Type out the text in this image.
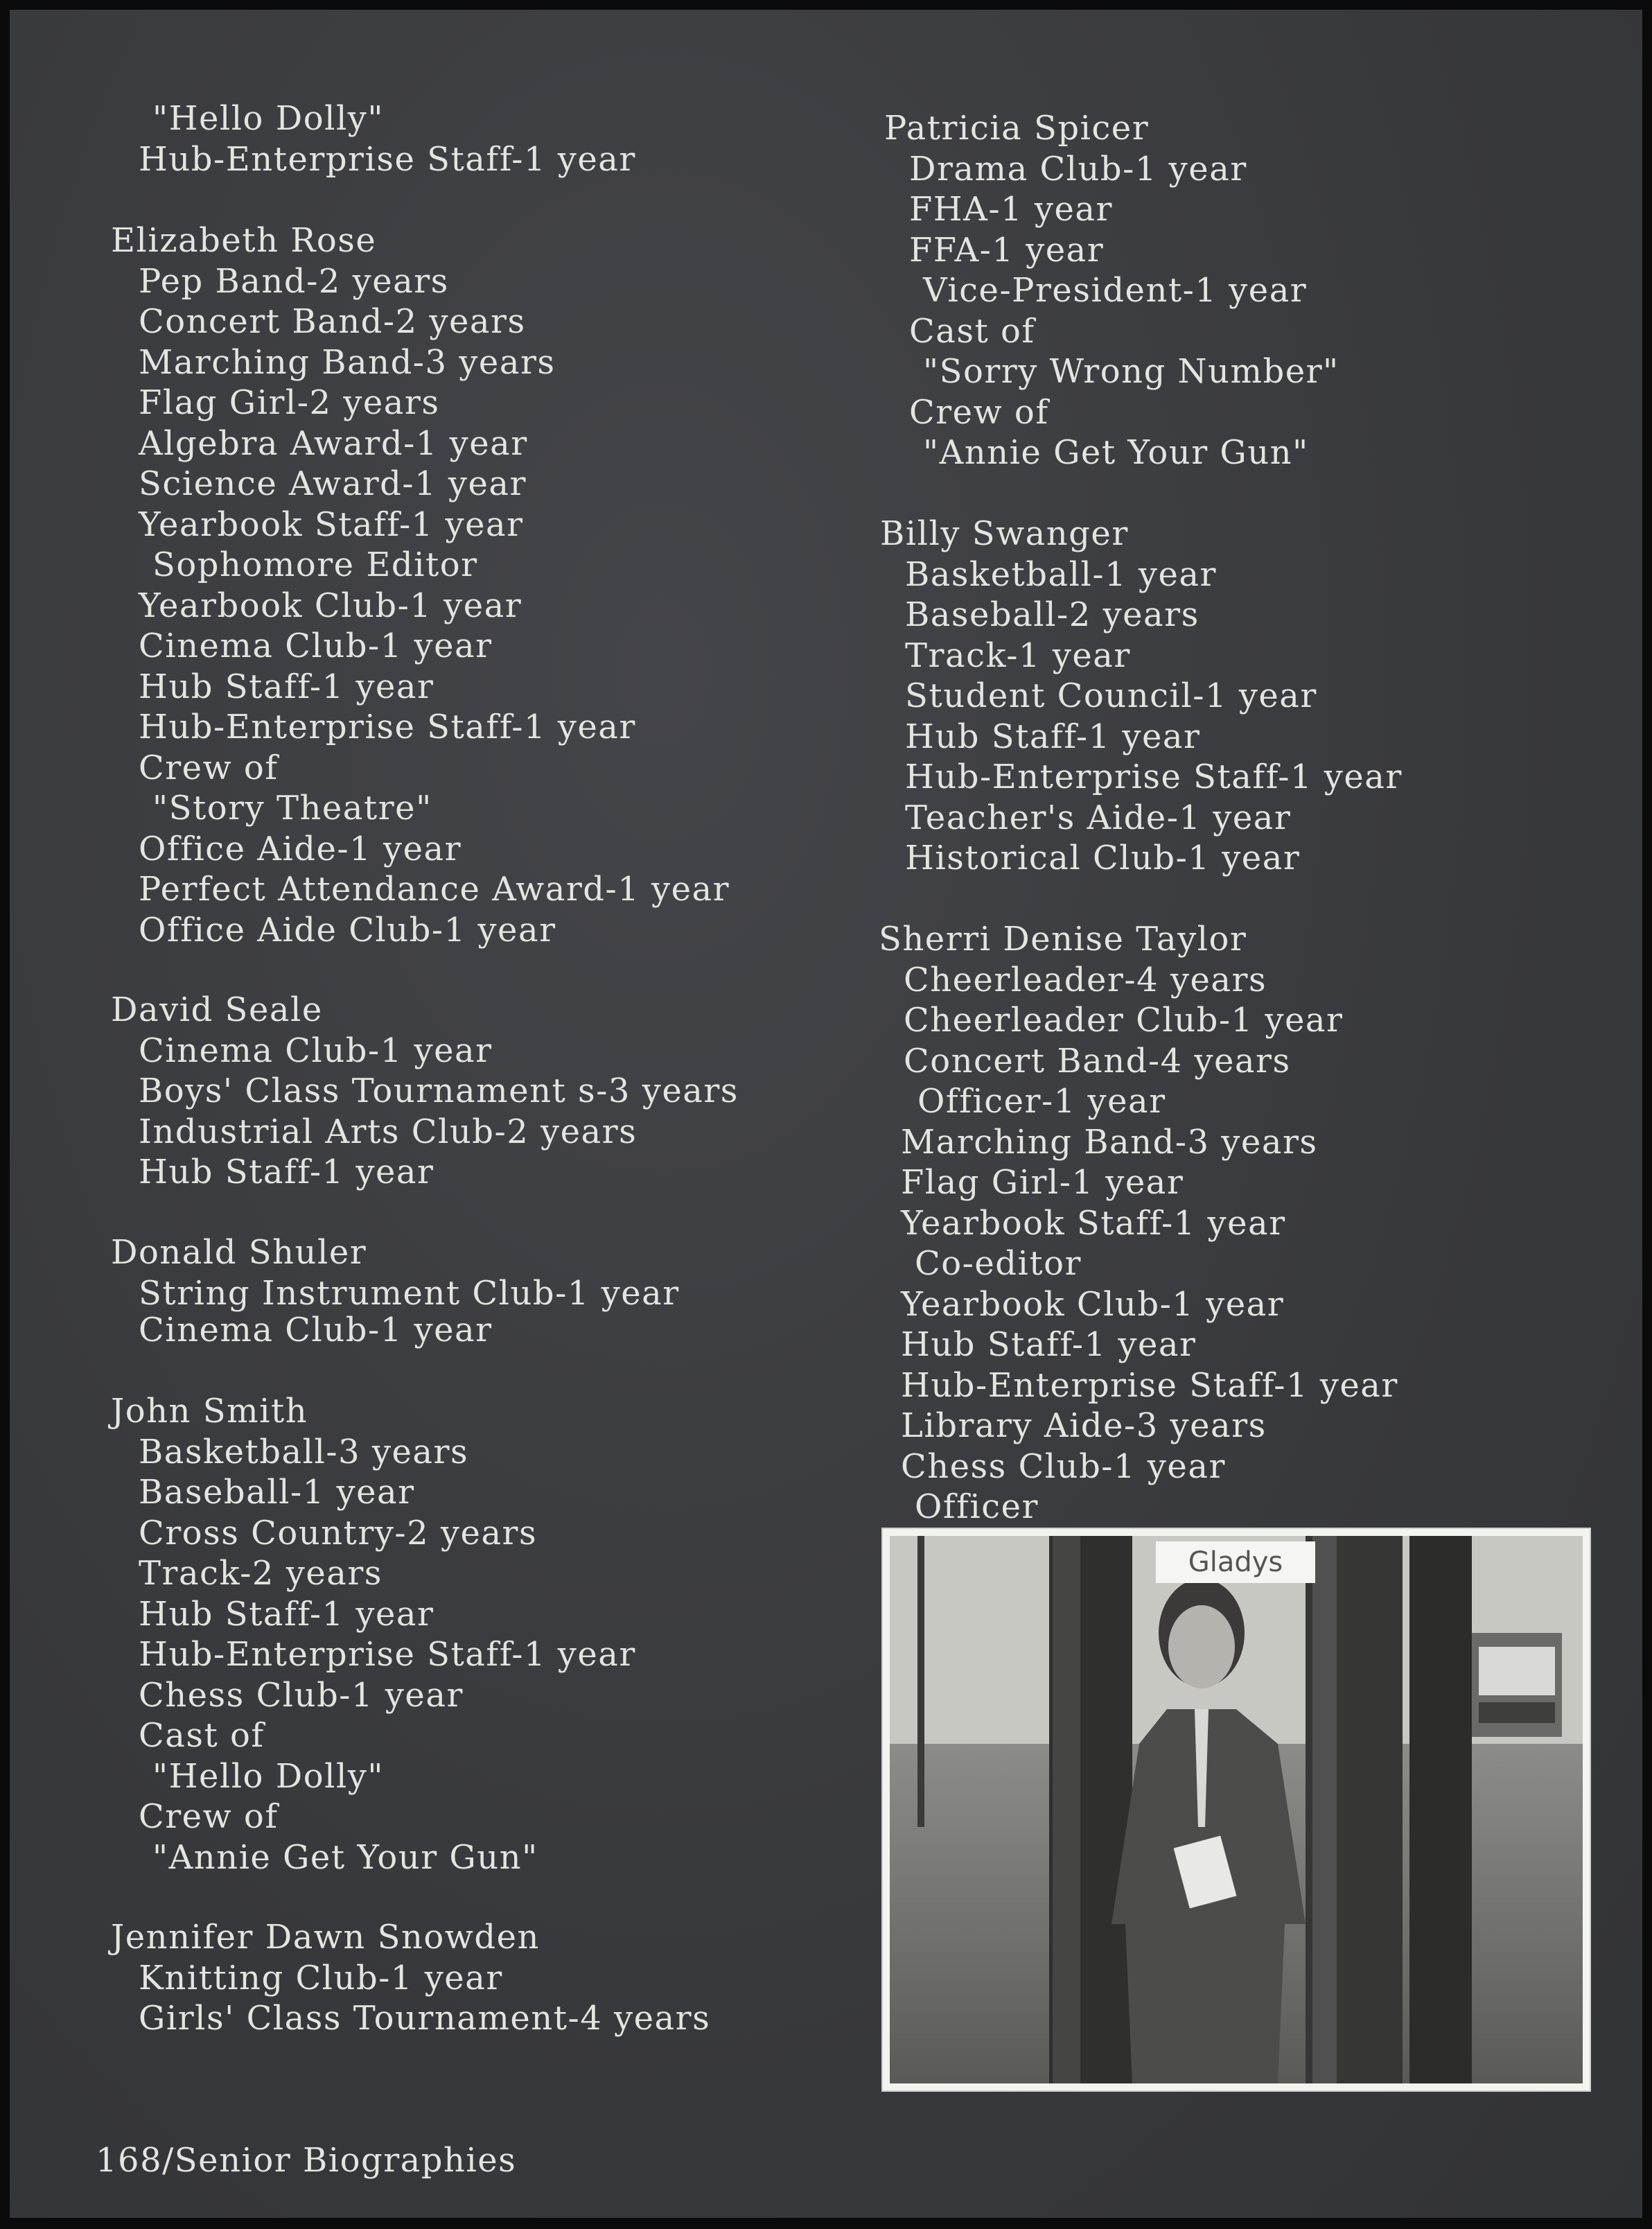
"Hello Dolly"
Hub-Enterprise Staff-1 year
Elizabeth Rose
Pep Band-2 years
Concert Band-2 years
Marching Band-3 years
Flag Girl-2 years
Algebra Award-1 year
Science Award-1 year
Yearbook Staff-1 year
Sophomore Editor
Yearbook Club-1 year
Cinema Club-1 year
Hub Staff-1 year
Hub-Enterprise Staff-1 year
Crew of
"Story Theatre"
Office Aide-1 year
Perfect Attendance Award-1 year
Office Aide Club-1 year
David Seale
Cinema Club-1 year
Boys' Class Tournament s-3 years
Industrial Arts Club-2 years
Hub Staff-1 year
Donald Shuler
String Instrument Club-1 year
Cinema Club-1 year
John Smith
Basketball-3 years
Baseball-1 year
Cross Country-2 years
Track-2 years
Hub Staff-1 year
Hub-Enterprise Staff-1 year
Chess Club-1 year
Cast of
"Hello Dolly"
Crew of
"Annie Get Your Gun"
Jennifer Dawn Snowden
Knitting Club-1 year
Girls' Class Tournament-4 years
Patricia Spicer
Drama Club-1 year
FHA-1 year
FFA-1 year
Vice-President-1 year
Cast of
"Sorry Wrong Number"
Crew of
"Annie Get Your Gun"
Billy Swanger
Basketball-1 year
Baseball-2 years
Track-1 year
Student Council-1 year
Hub Staff-1 year
Hub-Enterprise Staff-1 year
Teacher's Aide-1 year
Historical Club-1 year
Sherri Denise Taylor
Cheerleader-4 years
Cheerleader Club-1 year
Concert Band-4 years
Officer-1 year
Marching Band-3 years
Flag Girl-1 year
Yearbook Staff-1 year
Co-editor
Yearbook Club-1 year
Hub Staff-1 year
Hub-Enterprise Staff-1 year
Library Aide-3 years
Chess Club-1 year
Officer
Gladys
168/Senior Biographies
